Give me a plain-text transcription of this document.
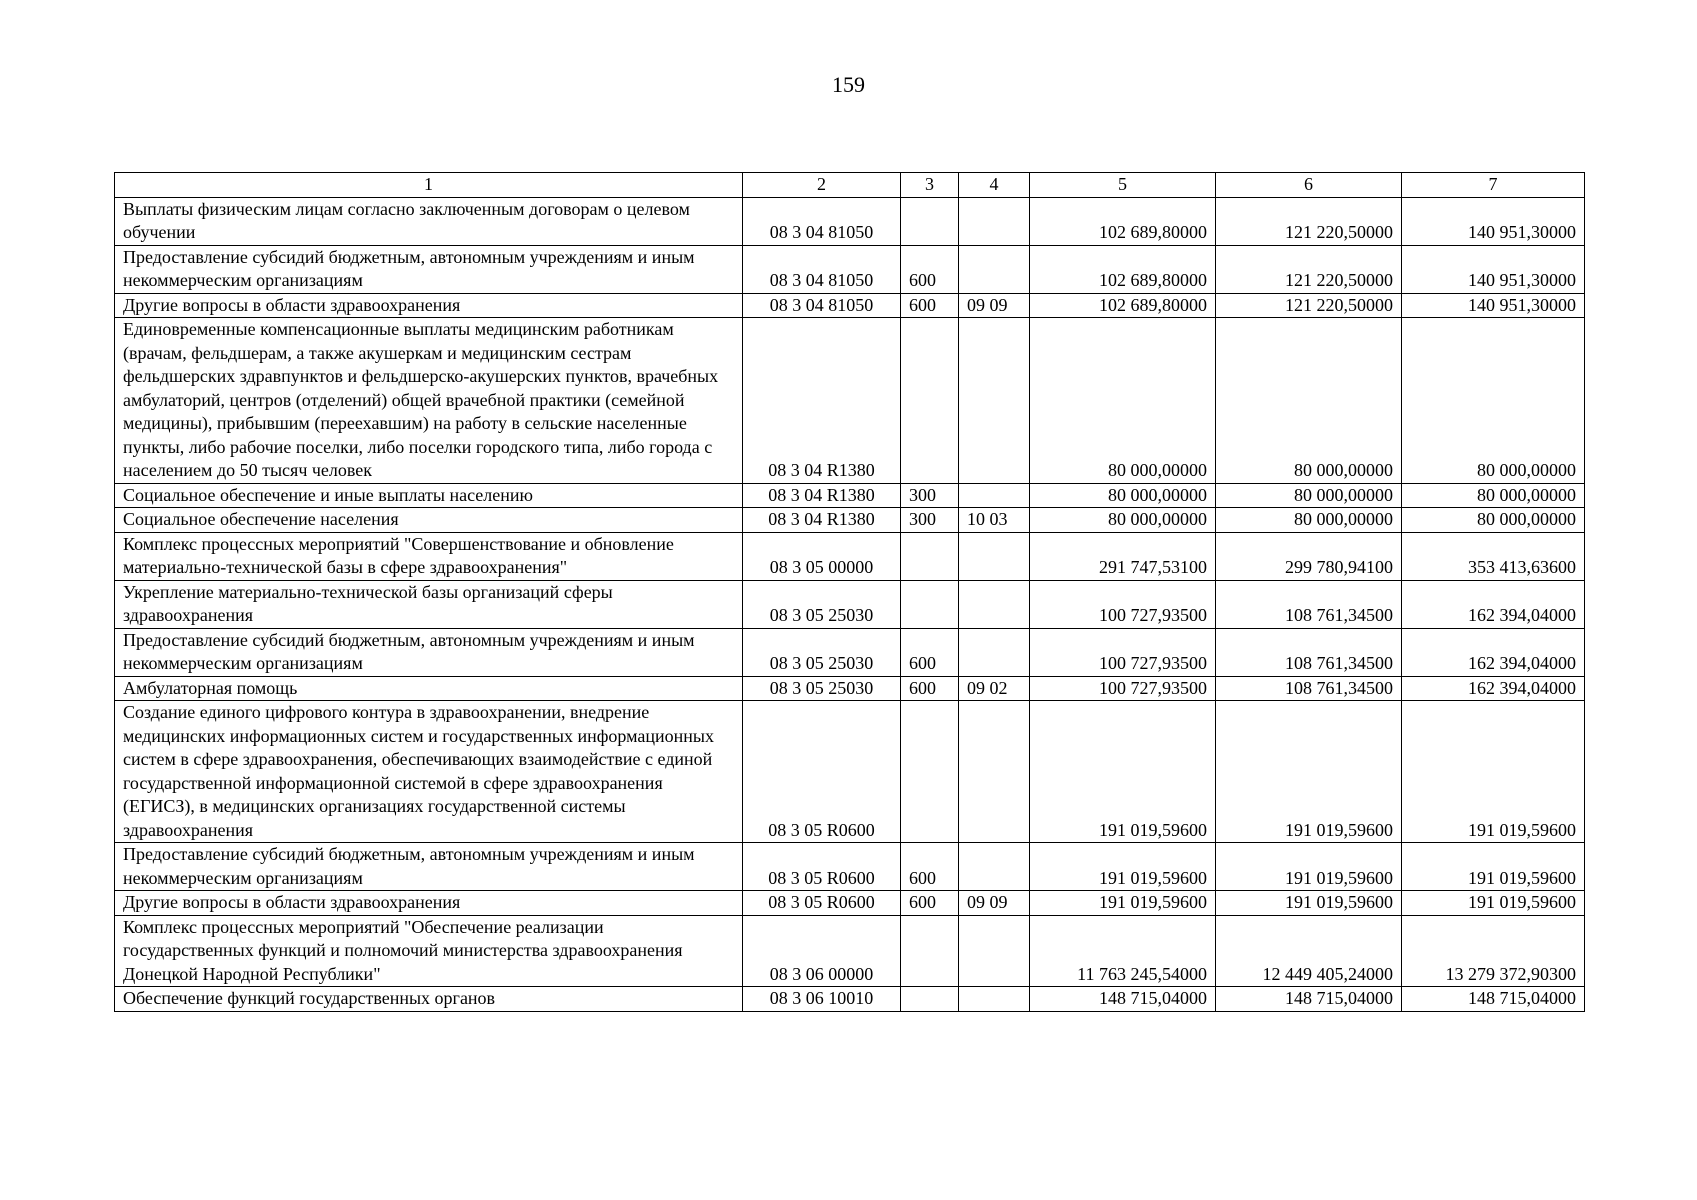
159
1	2	3	4	5	6	7
Выплаты физическим лицам согласно заключенным договорам о целевом обучении	08 3 04 81050			102 689,80000	121 220,50000	140 951,30000
Предоставление субсидий бюджетным, автономным учреждениям и иным некоммерческим организациям	08 3 04 81050	600		102 689,80000	121 220,50000	140 951,30000
Другие вопросы в области здравоохранения	08 3 04 81050	600	09 09	102 689,80000	121 220,50000	140 951,30000
Единовременные компенсационные выплаты медицинским работникам (врачам, фельдшерам, а также акушеркам и медицинским сестрам фельдшерских здравпунктов и фельдшерско-акушерских пунктов, врачебных амбулаторий, центров (отделений) общей врачебной практики (семейной медицины), прибывшим (переехавшим) на работу в сельские населенные пункты, либо рабочие поселки, либо поселки городского типа, либо города с населением до 50 тысяч человек	08 3 04 R1380			80 000,00000	80 000,00000	80 000,00000
Социальное обеспечение и иные выплаты населению	08 3 04 R1380	300		80 000,00000	80 000,00000	80 000,00000
Социальное обеспечение населения	08 3 04 R1380	300	10 03	80 000,00000	80 000,00000	80 000,00000
Комплекс процессных мероприятий "Совершенствование и обновление материально-технической базы в сфере здравоохранения"	08 3 05 00000			291 747,53100	299 780,94100	353 413,63600
Укрепление материально-технической базы организаций сферы здравоохранения	08 3 05 25030			100 727,93500	108 761,34500	162 394,04000
Предоставление субсидий бюджетным, автономным учреждениям и иным некоммерческим организациям	08 3 05 25030	600		100 727,93500	108 761,34500	162 394,04000
Амбулаторная помощь	08 3 05 25030	600	09 02	100 727,93500	108 761,34500	162 394,04000
Создание единого цифрового контура в здравоохранении, внедрение медицинских информационных систем и государственных информационных систем в сфере здравоохранения, обеспечивающих взаимодействие с единой государственной информационной системой в сфере здравоохранения (ЕГИСЗ), в медицинских организациях государственной системы здравоохранения	08 3 05 R0600			191 019,59600	191 019,59600	191 019,59600
Предоставление субсидий бюджетным, автономным учреждениям и иным некоммерческим организациям	08 3 05 R0600	600		191 019,59600	191 019,59600	191 019,59600
Другие вопросы в области здравоохранения	08 3 05 R0600	600	09 09	191 019,59600	191 019,59600	191 019,59600
Комплекс процессных мероприятий "Обеспечение реализации государственных функций и полномочий министерства здравоохранения Донецкой Народной Республики"	08 3 06 00000			11 763 245,54000	12 449 405,24000	13 279 372,90300
Обеспечение функций государственных органов	08 3 06 10010			148 715,04000	148 715,04000	148 715,04000
